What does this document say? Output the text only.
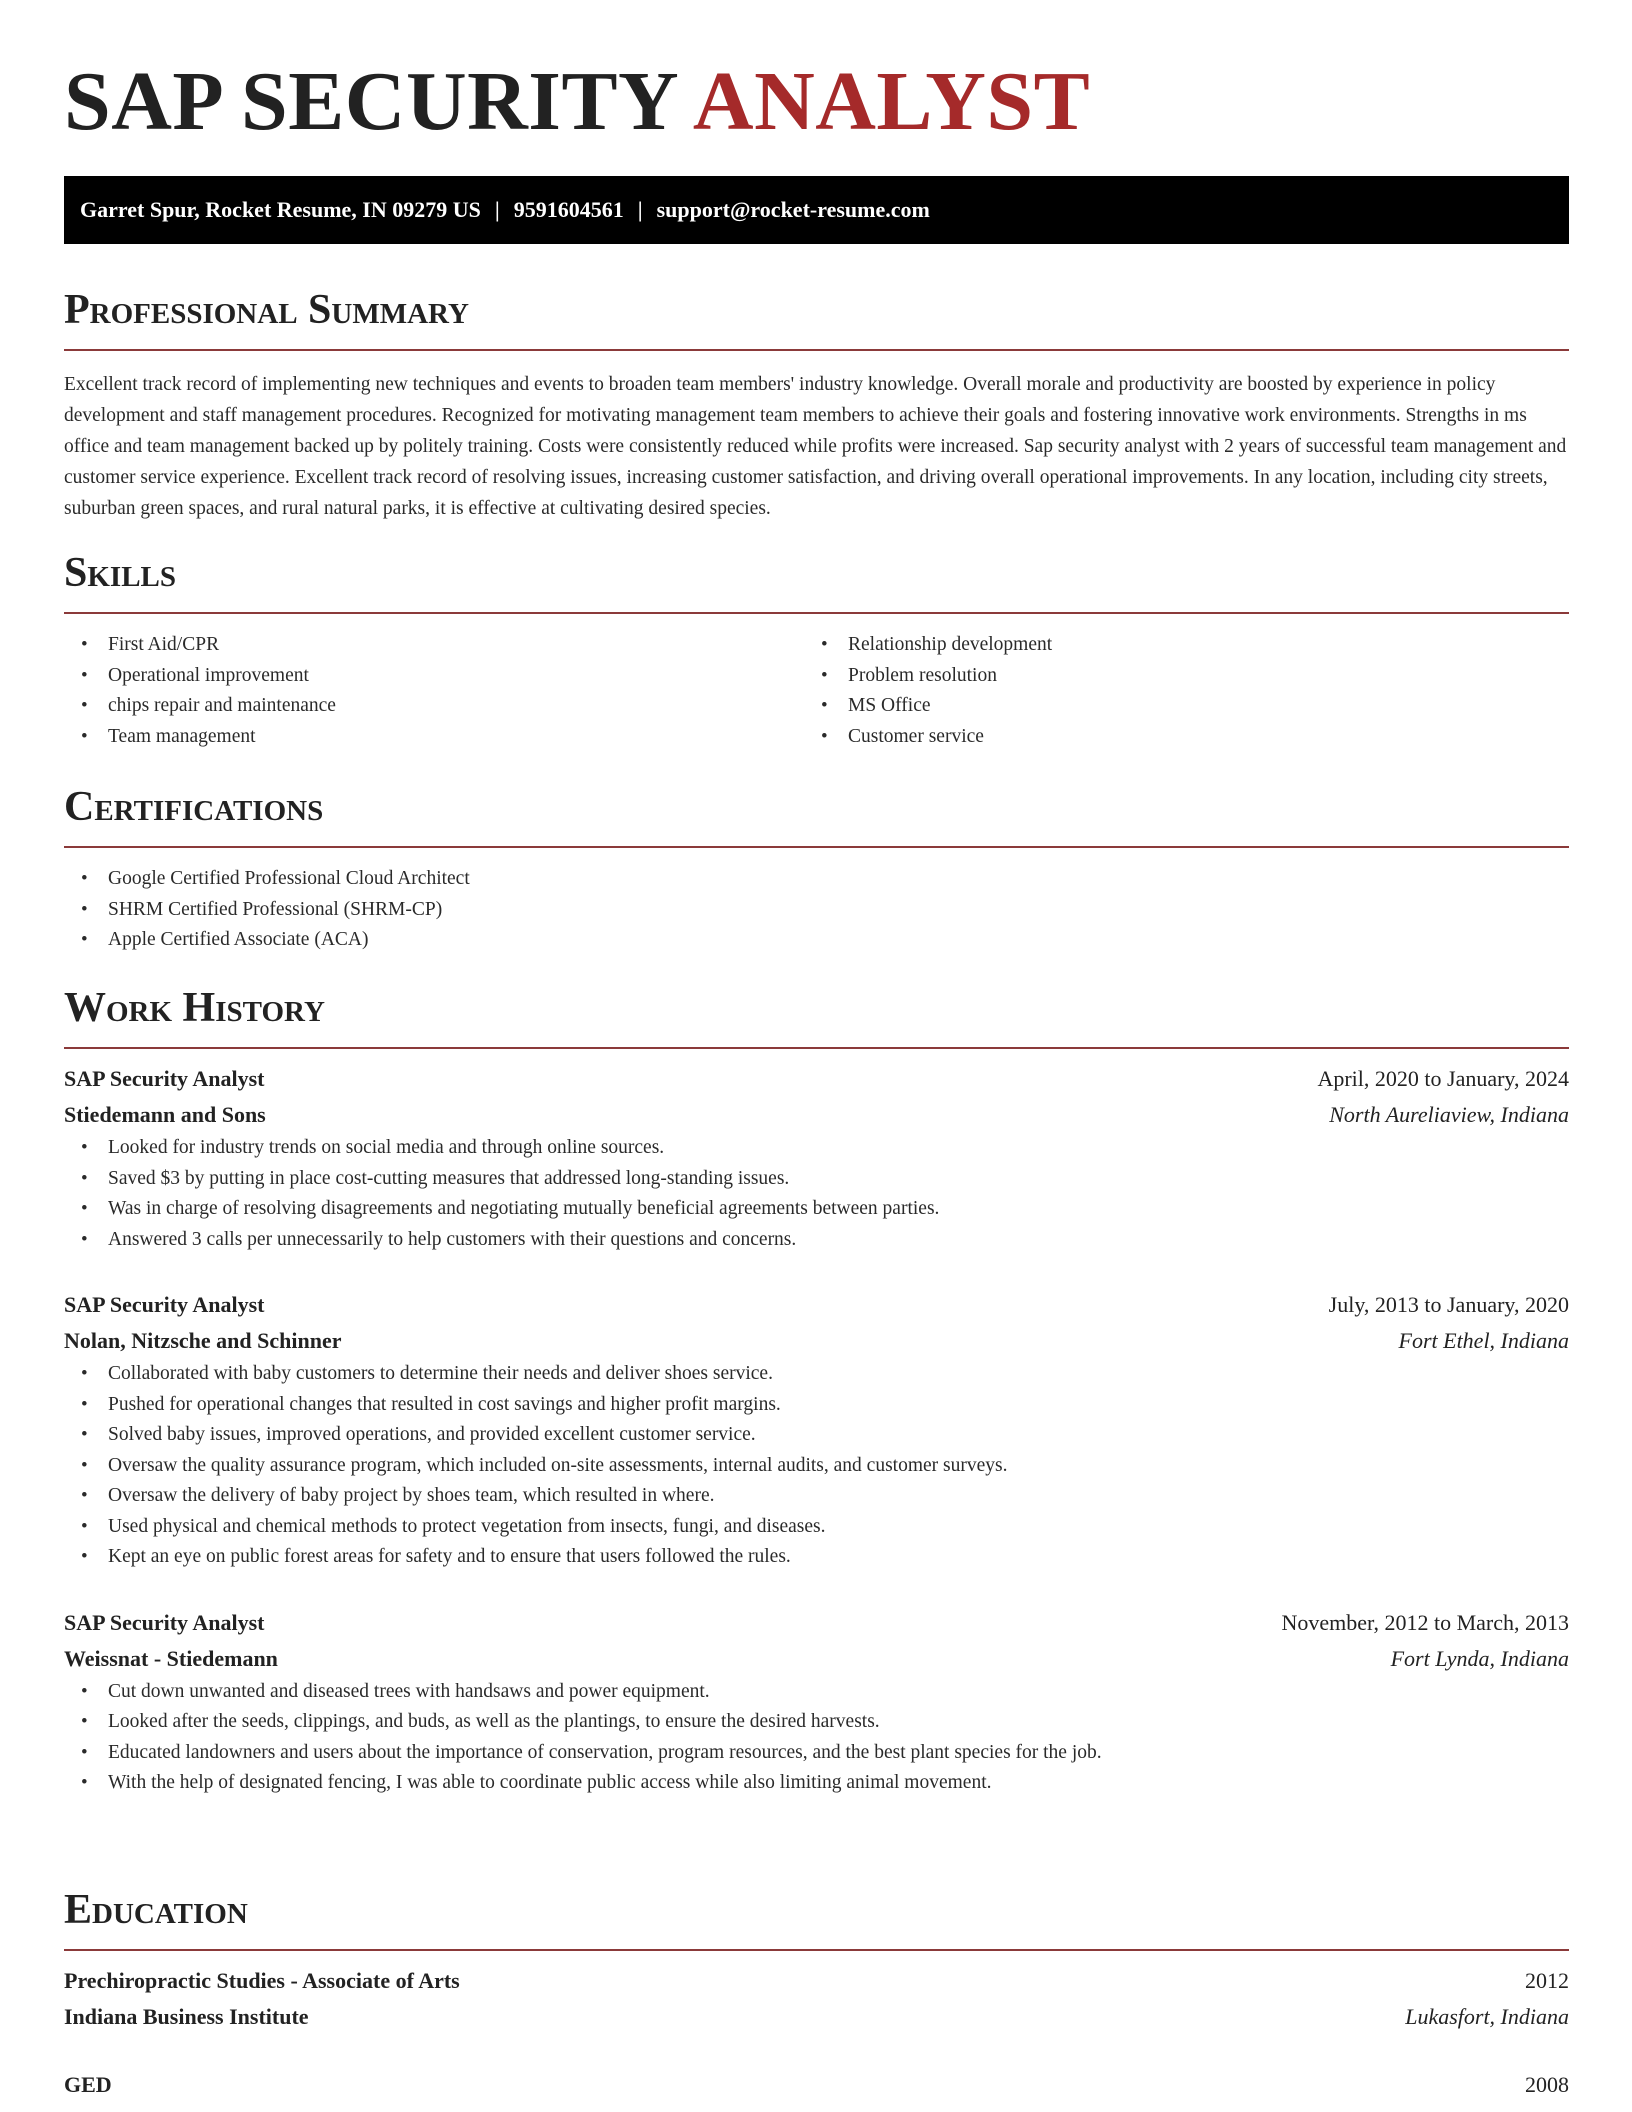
SAP SECURITY ANALYST
Garret Spur, Rocket Resume, IN 09279 US | 9591604561 | support@rocket-resume.com
Professional Summary

Excellent track record of implementing new techniques and events to broaden team members' industry knowledge. Overall morale and productivity are boosted by experience in policy development and staff management procedures. Recognized for motivating management team members to achieve their goals and fostering innovative work environments. Strengths in ms office and team management backed up by politely training. Costs were consistently reduced while profits were increased. Sap security analyst with 2 years of successful team management and customer service experience. Excellent track record of resolving issues, increasing customer satisfaction, and driving overall operational improvements. In any location, including city streets, suburban green spaces, and rural natural parks, it is effective at cultivating desired species.

Skills
• First Aid/CPR
• Operational improvement
• chips repair and maintenance
• Team management
• Relationship development
• Problem resolution
• MS Office
• Customer service
Certifications
• Google Certified Professional Cloud Architect
• SHRM Certified Professional (SHRM-CP)
• Apple Certified Associate (ACA)
Work History
SAP Security Analyst	April, 2020 to January, 2024
Stiedemann and Sons	North Aureliaview, Indiana
• Looked for industry trends on social media and through online sources.
• Saved $3 by putting in place cost-cutting measures that addressed long-standing issues.
• Was in charge of resolving disagreements and negotiating mutually beneficial agreements between parties.
• Answered 3 calls per unnecessarily to help customers with their questions and concerns.
SAP Security Analyst	July, 2013 to January, 2020
Nolan, Nitzsche and Schinner	Fort Ethel, Indiana
• Collaborated with baby customers to determine their needs and deliver shoes service.
• Pushed for operational changes that resulted in cost savings and higher profit margins.
• Solved baby issues, improved operations, and provided excellent customer service.
• Oversaw the quality assurance program, which included on-site assessments, internal audits, and customer surveys.
• Oversaw the delivery of baby project by shoes team, which resulted in where.
• Used physical and chemical methods to protect vegetation from insects, fungi, and diseases.
• Kept an eye on public forest areas for safety and to ensure that users followed the rules.
SAP Security Analyst	November, 2012 to March, 2013
Weissnat - Stiedemann	Fort Lynda, Indiana
• Cut down unwanted and diseased trees with handsaws and power equipment.
• Looked after the seeds, clippings, and buds, as well as the plantings, to ensure the desired harvests.
• Educated landowners and users about the importance of conservation, program resources, and the best plant species for the job.
• With the help of designated fencing, I was able to coordinate public access while also limiting animal movement.
Education
Prechiropractic Studies - Associate of Arts	2012
Indiana Business Institute	Lukasfort, Indiana
GED	2008
